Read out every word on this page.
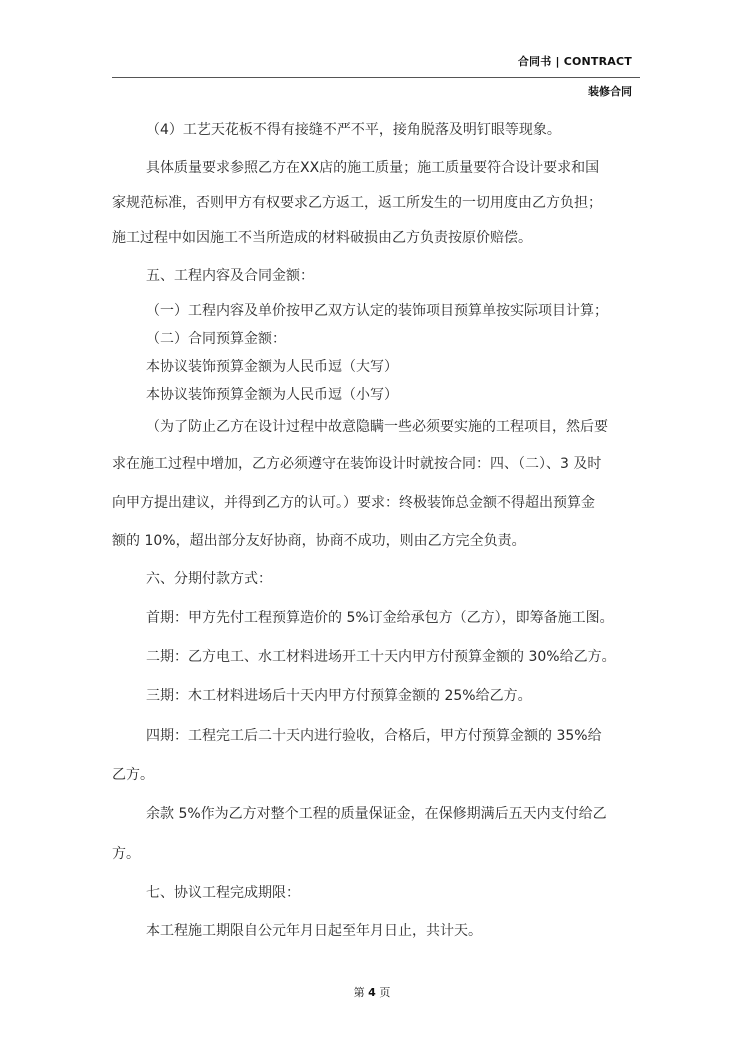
合同书 | CONTRACT
装修合同
（4）工艺天花板不得有接缝不严不平，接角脱落及明钉眼等现象。
具体质量要求参照乙方在XX店的施工质量；施工质量要符合设计要求和国
家规范标准，否则甲方有权要求乙方返工，返工所发生的一切用度由乙方负担；
施工过程中如因施工不当所造成的材料破损由乙方负责按原价赔偿。
五、工程内容及合同金额：
（一）工程内容及单价按甲乙双方认定的装饰项目预算单按实际项目计算；
（二）合同预算金额：
本协议装饰预算金额为人民币逗（大写）
本协议装饰预算金额为人民币逗（小写）
（为了防止乙方在设计过程中故意隐瞒一些必须要实施的工程项目，然后要
求在施工过程中增加，乙方必须遵守在装饰设计时就按合同：四、（二）、3 及时
向甲方提出建议，并得到乙方的认可。）要求：终极装饰总金额不得超出预算金
额的 10%，超出部分友好协商，协商不成功，则由乙方完全负责。
六、分期付款方式：
首期：甲方先付工程预算造价的 5%订金给承包方（乙方），即筹备施工图。
二期：乙方电工、水工材料进场开工十天内甲方付预算金额的 30%给乙方。
三期：木工材料进场后十天内甲方付预算金额的 25%给乙方。
四期：工程完工后二十天内进行验收，合格后，甲方付预算金额的 35%给
乙方。
余款 5%作为乙方对整个工程的质量保证金，在保修期满后五天内支付给乙
方。
七、协议工程完成期限：
本工程施工期限自公元年月日起至年月日止，共计天。
第 4 页
